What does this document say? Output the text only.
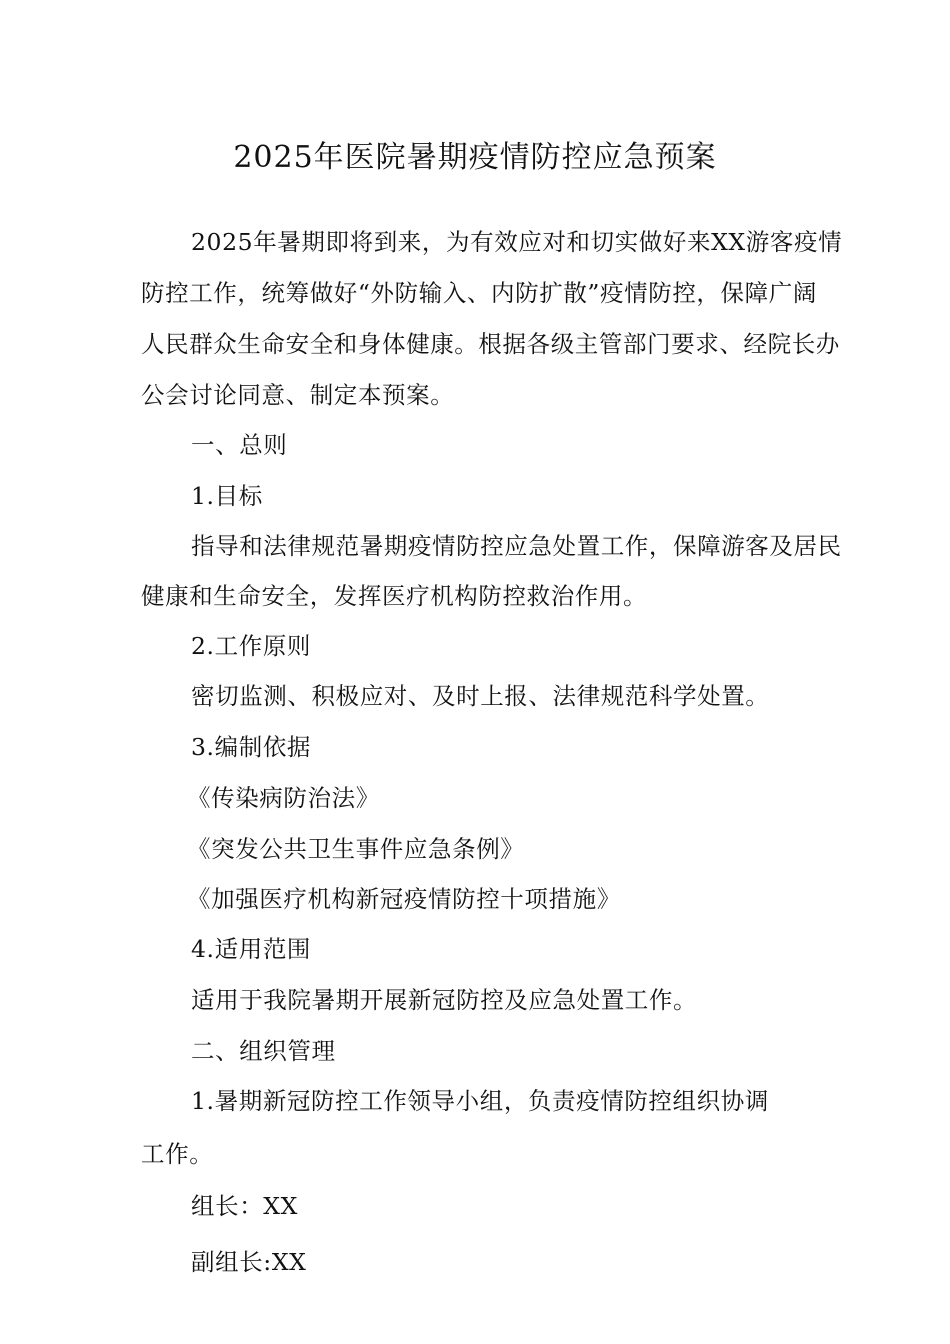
2025年医院暑期疫情防控应急预案
2025年暑期即将到来，为有效应对和切实做好来XX游客疫情
防控工作，统筹做好“外防输入、内防扩散”疫情防控，保障广阔
人民群众生命安全和身体健康。根据各级主管部门要求、经院长办
公会讨论同意、制定本预案。
一、总则
1.目标
指导和法律规范暑期疫情防控应急处置工作，保障游客及居民
健康和生命安全，发挥医疗机构防控救治作用。
2.工作原则
密切监测、积极应对、及时上报、法律规范科学处置。
3.编制依据
《传染病防治法》
《突发公共卫生事件应急条例》
《加强医疗机构新冠疫情防控十项措施》
4.适用范围
适用于我院暑期开展新冠防控及应急处置工作。
二、组织管理
1.暑期新冠防控工作领导小组，负责疫情防控组织协调
工作。
组长：XX
副组长:XX
